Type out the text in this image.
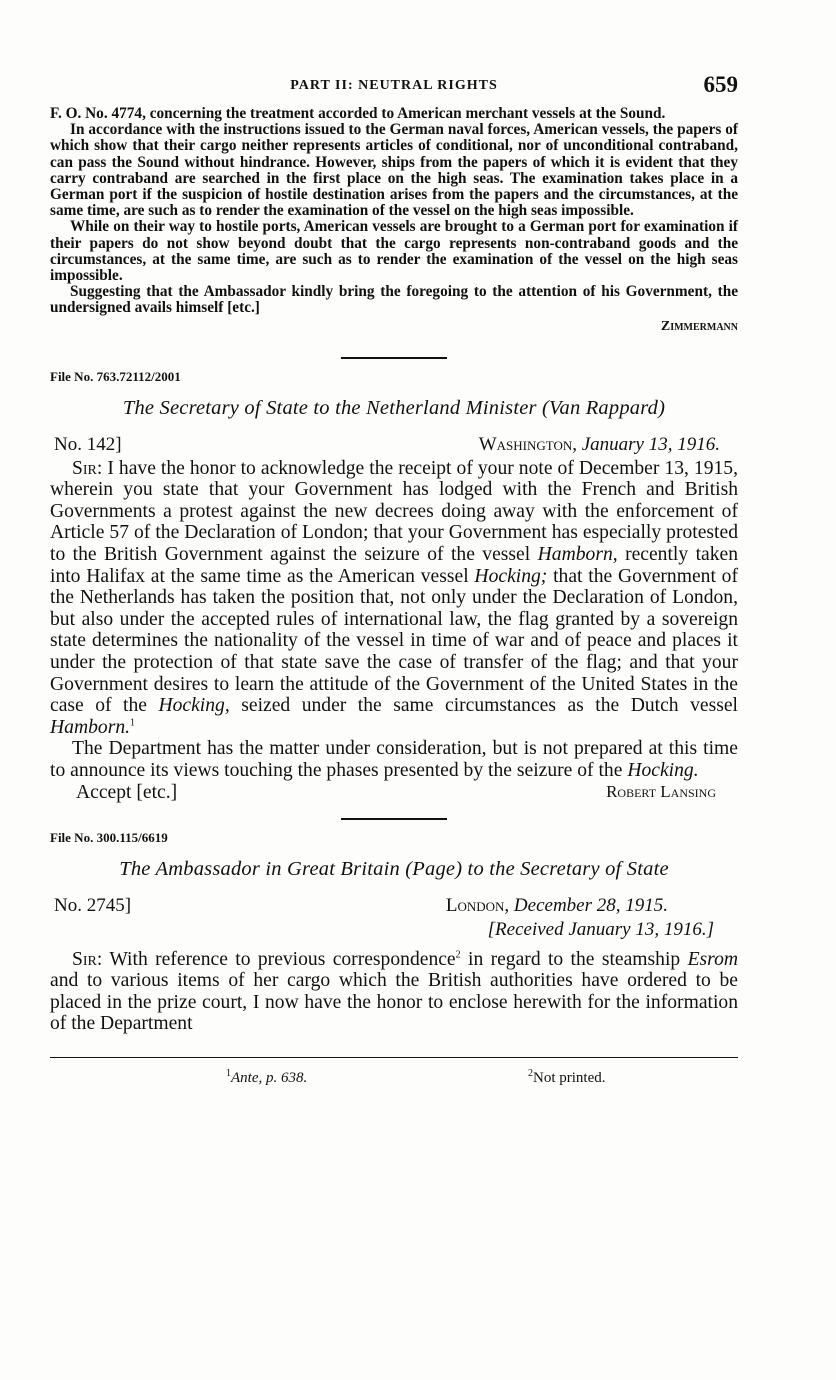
PART II: NEUTRAL RIGHTS	659

F. O. No. 4774, concerning the treatment accorded to American merchant vessels at the Sound.

In accordance with the instructions issued to the German naval forces, American vessels, the papers of which show that their cargo neither represents articles of conditional, nor of unconditional contraband, can pass the Sound without hindrance. However, ships from the papers of which it is evident that they carry contraband are searched in the first place on the high seas. The examination takes place in a German port if the suspicion of hostile destination arises from the papers and the circumstances, at the same time, are such as to render the examination of the vessel on the high seas impossible.

While on their way to hostile ports, American vessels are brought to a German port for examination if their papers do not show beyond doubt that the cargo represents non-contraband goods and the circumstances, at the same time, are such as to render the examination of the vessel on the high seas impossible.

Suggesting that the Ambassador kindly bring the foregoing to the attention of his Government, the undersigned avails himself [etc.]

Zimmermann
File No. 763.72112/2001
The Secretary of State to the Netherland Minister (Van Rappard)
No. 142]	Washington, January 13, 1916.

Sir: I have the honor to acknowledge the receipt of your note of December 13, 1915, wherein you state that your Government has lodged with the French and British Governments a protest against the new decrees doing away with the enforcement of Article 57 of the Declaration of London; that your Government has especially protested to the British Government against the seizure of the vessel Hamborn, recently taken into Halifax at the same time as the American vessel Hocking; that the Government of the Netherlands has taken the position that, not only under the Declaration of London, but also under the accepted rules of international law, the flag granted by a sovereign state determines the nationality of the vessel in time of war and of peace and places it under the protection of that state save the case of transfer of the flag; and that your Government desires to learn the attitude of the Government of the United States in the case of the Hocking, seized under the same circumstances as the Dutch vessel Hamborn.$^1$

The Department has the matter under consideration, but is not prepared at this time to announce its views touching the phases presented by the seizure of the Hocking.

Accept [etc.]	Robert Lansing
File No. 300.115/6619
The Ambassador in Great Britain (Page) to the Secretary of State
No. 2745]	London, December 28, 1915.
[Received January 13, 1916.]

Sir: With reference to previous correspondence$^2$ in regard to the steamship Esrom and to various items of her cargo which the British authorities have ordered to be placed in the prize court, I now have the honor to enclose herewith for the information of the Department

$^1$Ante, p. 638.	$^2$Not printed.
